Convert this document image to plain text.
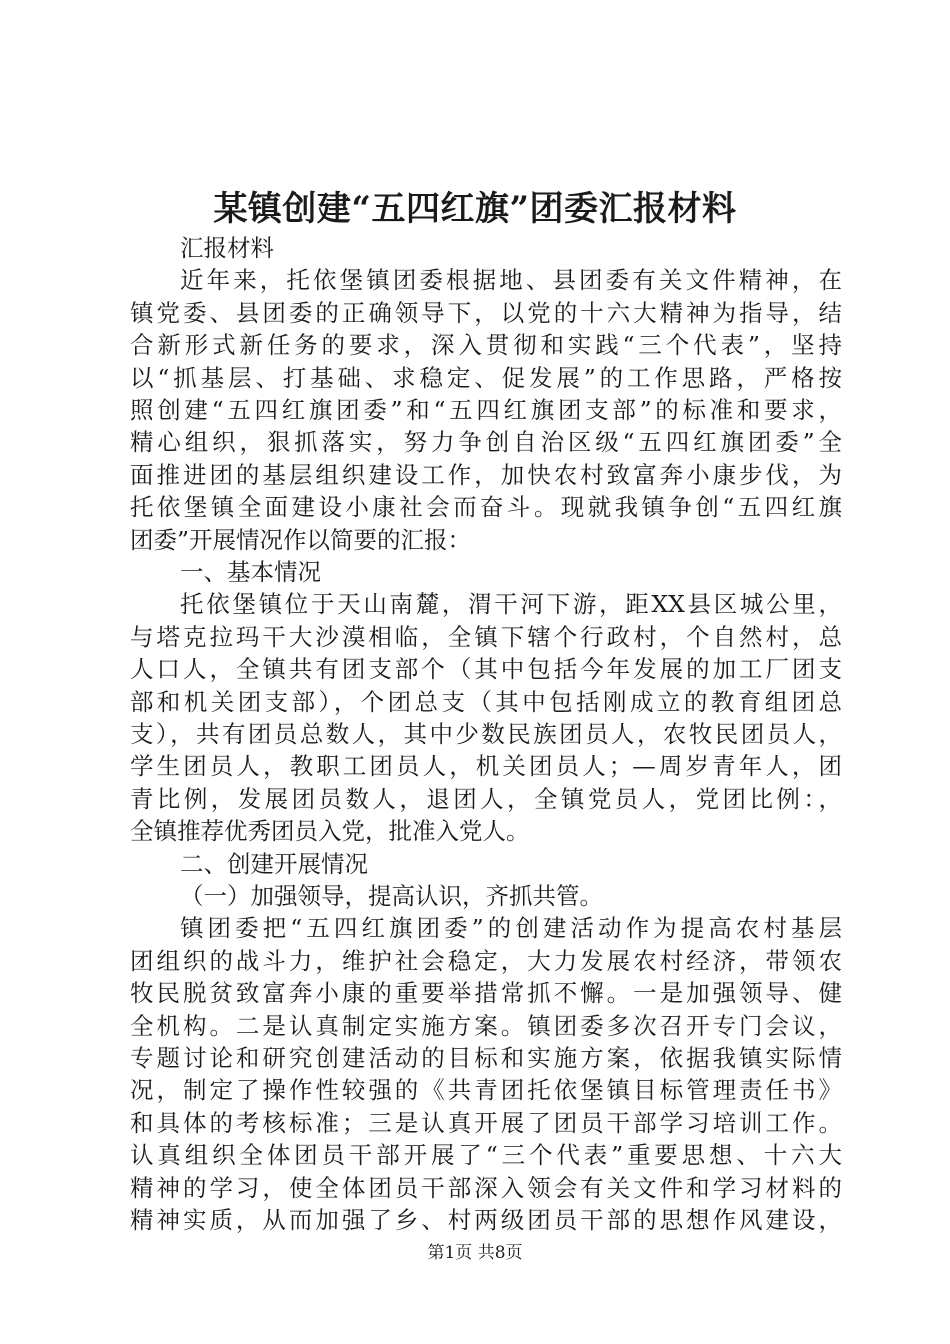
某镇创建“五四红旗”团委汇报材料
汇报材料
近年来，托依堡镇团委根据地、县团委有关文件精神，在
镇党委、县团委的正确领导下，以党的十六大精神为指导，结
合新形式新任务的要求，深入贯彻和实践“三个代表”，坚持
以“抓基层、打基础、求稳定、促发展”的工作思路，严格按
照创建“五四红旗团委”和“五四红旗团支部”的标准和要求，
精心组织，狠抓落实，努力争创自治区级“五四红旗团委”全
面推进团的基层组织建设工作，加快农村致富奔小康步伐，为
托依堡镇全面建设小康社会而奋斗。现就我镇争创“五四红旗
团委”开展情况作以简要的汇报：
一、基本情况
托依堡镇位于天山南麓，渭干河下游，距XX县区城公里，
与塔克拉玛干大沙漠相临，全镇下辖个行政村，个自然村，总
人口人，全镇共有团支部个（其中包括今年发展的加工厂团支
部和机关团支部），个团总支（其中包括刚成立的教育组团总
支），共有团员总数人，其中少数民族团员人，农牧民团员人，
学生团员人，教职工团员人，机关团员人；—周岁青年人，团
青比例，发展团员数人，退团人，全镇党员人，党团比例：，
全镇推荐优秀团员入党，批准入党人。
二、创建开展情况
（一）加强领导，提高认识，齐抓共管。
镇团委把“五四红旗团委”的创建活动作为提高农村基层
团组织的战斗力，维护社会稳定，大力发展农村经济，带领农
牧民脱贫致富奔小康的重要举措常抓不懈。一是加强领导、健
全机构。二是认真制定实施方案。镇团委多次召开专门会议，
专题讨论和研究创建活动的目标和实施方案，依据我镇实际情
况，制定了操作性较强的《共青团托依堡镇目标管理责任书》
和具体的考核标准；三是认真开展了团员干部学习培训工作。
认真组织全体团员干部开展了“三个代表”重要思想、十六大
精神的学习，使全体团员干部深入领会有关文件和学习材料的
精神实质，从而加强了乡、村两级团员干部的思想作风建设，
第1页 共8页
